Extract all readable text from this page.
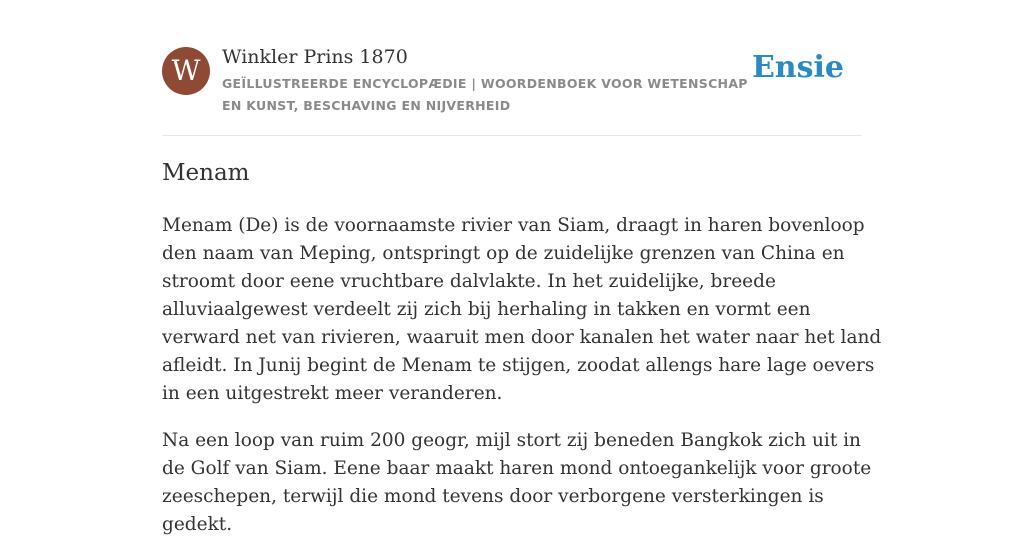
W	Winkler Prins 1870
GEÏLLUSTREERDE ENCYCLOPÆDIE | WOORDENBOEK VOOR WETENSCHAP EN KUNST, BESCHAVING EN NIJVERHEID
Ensie
Menam

Menam (De) is de voornaamste rivier van Siam, draagt in haren bovenloop den naam van Meping, ontspringt op de zuidelijke grenzen van China en stroomt door eene vruchtbare dalvlakte. In het zuidelijke, breede alluviaalgewest verdeelt zij zich bij herhaling in takken en vormt een verward net van rivieren, waaruit men door kanalen het water naar het land afleidt. In Junij begint de Menam te stijgen, zoodat allengs hare lage oevers in een uitgestrekt meer veranderen.

Na een loop van ruim 200 geogr, mijl stort zij beneden Bangkok zich uit in de Golf van Siam. Eene baar maakt haren mond ontoegankelijk voor groote zeeschepen, terwijl die mond tevens door verborgene versterkingen is gedekt.
